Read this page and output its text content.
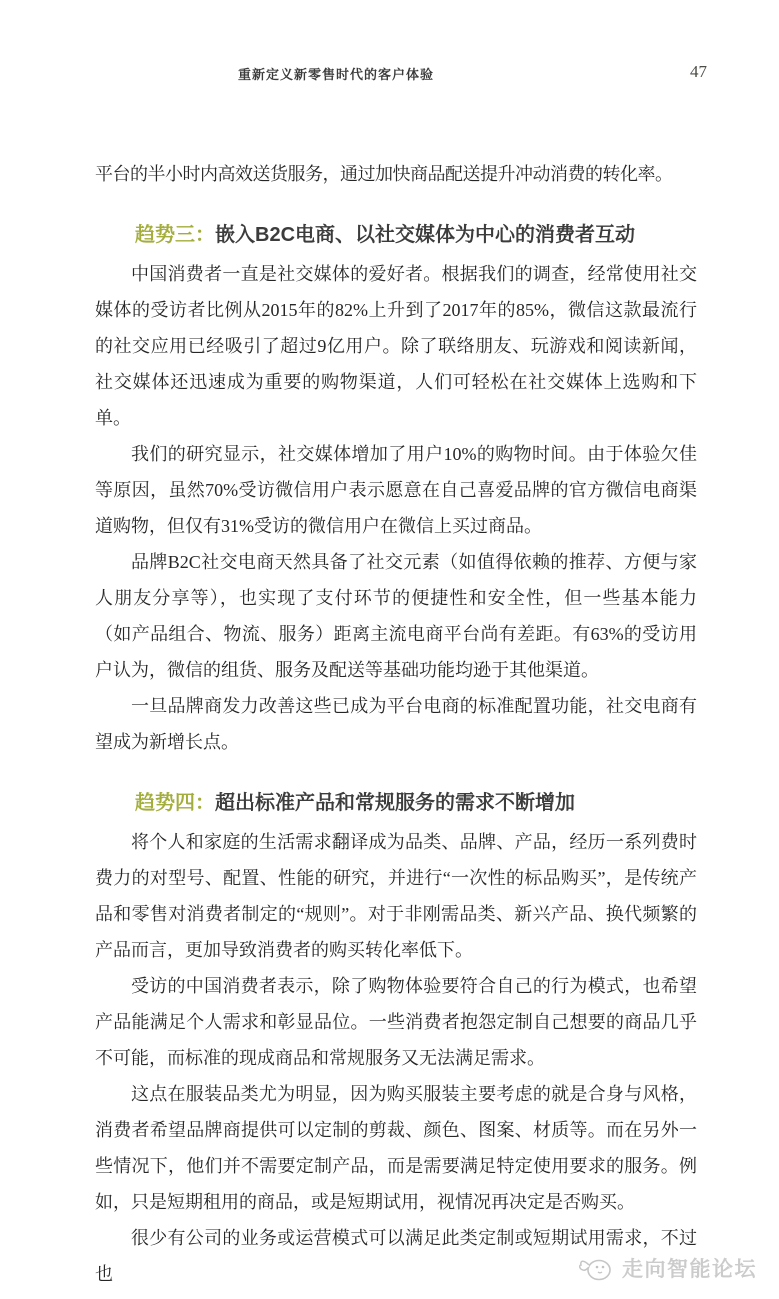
重新定义新零售时代的客户体验	47

平台的半小时内高效送货服务，通过加快商品配送提升冲动消费的转化率。

趋势三：嵌入B2C电商、以社交媒体为中心的消费者互动

中国消费者一直是社交媒体的爱好者。根据我们的调查，经常使用社交媒体的受访者比例从2015年的82%上升到了2017年的85%，微信这款最流行的社交应用已经吸引了超过9亿用户。除了联络朋友、玩游戏和阅读新闻，社交媒体还迅速成为重要的购物渠道，人们可轻松在社交媒体上选购和下单。

我们的研究显示，社交媒体增加了用户10%的购物时间。由于体验欠佳等原因，虽然70%受访微信用户表示愿意在自己喜爱品牌的官方微信电商渠道购物，但仅有31%受访的微信用户在微信上买过商品。

品牌B2C社交电商天然具备了社交元素（如值得依赖的推荐、方便与家人朋友分享等），也实现了支付环节的便捷性和安全性，但一些基本能力（如产品组合、物流、服务）距离主流电商平台尚有差距。有63%的受访用户认为，微信的组货、服务及配送等基础功能均逊于其他渠道。

一旦品牌商发力改善这些已成为平台电商的标准配置功能，社交电商有望成为新增长点。

趋势四：超出标准产品和常规服务的需求不断增加

将个人和家庭的生活需求翻译成为品类、品牌、产品，经历一系列费时费力的对型号、配置、性能的研究，并进行“一次性的标品购买”，是传统产品和零售对消费者制定的“规则”。对于非刚需品类、新兴产品、换代频繁的产品而言，更加导致消费者的购买转化率低下。

受访的中国消费者表示，除了购物体验要符合自己的行为模式，也希望产品能满足个人需求和彰显品位。一些消费者抱怨定制自己想要的商品几乎不可能，而标准的现成商品和常规服务又无法满足需求。

这点在服装品类尤为明显，因为购买服装主要考虑的就是合身与风格，消费者希望品牌商提供可以定制的剪裁、颜色、图案、材质等。而在另外一些情况下，他们并不需要定制产品，而是需要满足特定使用要求的服务。例如，只是短期租用的商品，或是短期试用，视情况再决定是否购买。

很少有公司的业务或运营模式可以满足此类定制或短期试用需求，不过也	走向智能论坛
